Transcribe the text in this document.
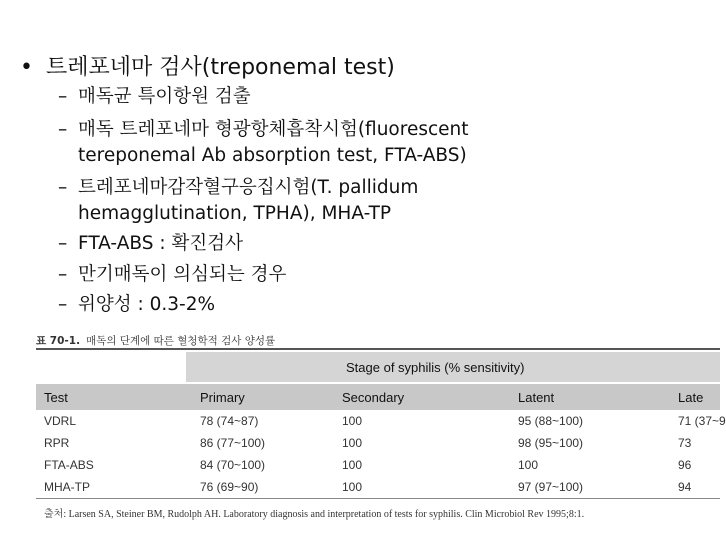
• 트레포네마 검사(treponemal test)
– 매독균 특이항원 검출
– 매독 트레포네마 형광항체흡착시험(fluorescent
tereponemal Ab absorption test, FTA-ABS)
– 트레포네마감작혈구응집시험(T. pallidum
hemagglutination, TPHA), MHA-TP
– FTA-ABS : 확진검사
– 만기매독이 의심되는 경우
– 위양성 : 0.3-2%
표 70-1. 매독의 단계에 따른 혈청학적 검사 양성률
Stage of syphilis (% sensitivity)
Test	Primary	Secondary	Latent	Late
VDRL	78 (74~87)	100	95 (88~100)	71 (37~9
RPR	86 (77~100)	100	98 (95~100)	73
FTA-ABS	84 (70~100)	100	100	96
MHA-TP	76 (69~90)	100	97 (97~100)	94
출처: Larsen SA, Steiner BM, Rudolph AH. Laboratory diagnosis and interpretation of tests for syphilis. Clin Microbiol Rev 1995;8:1.
